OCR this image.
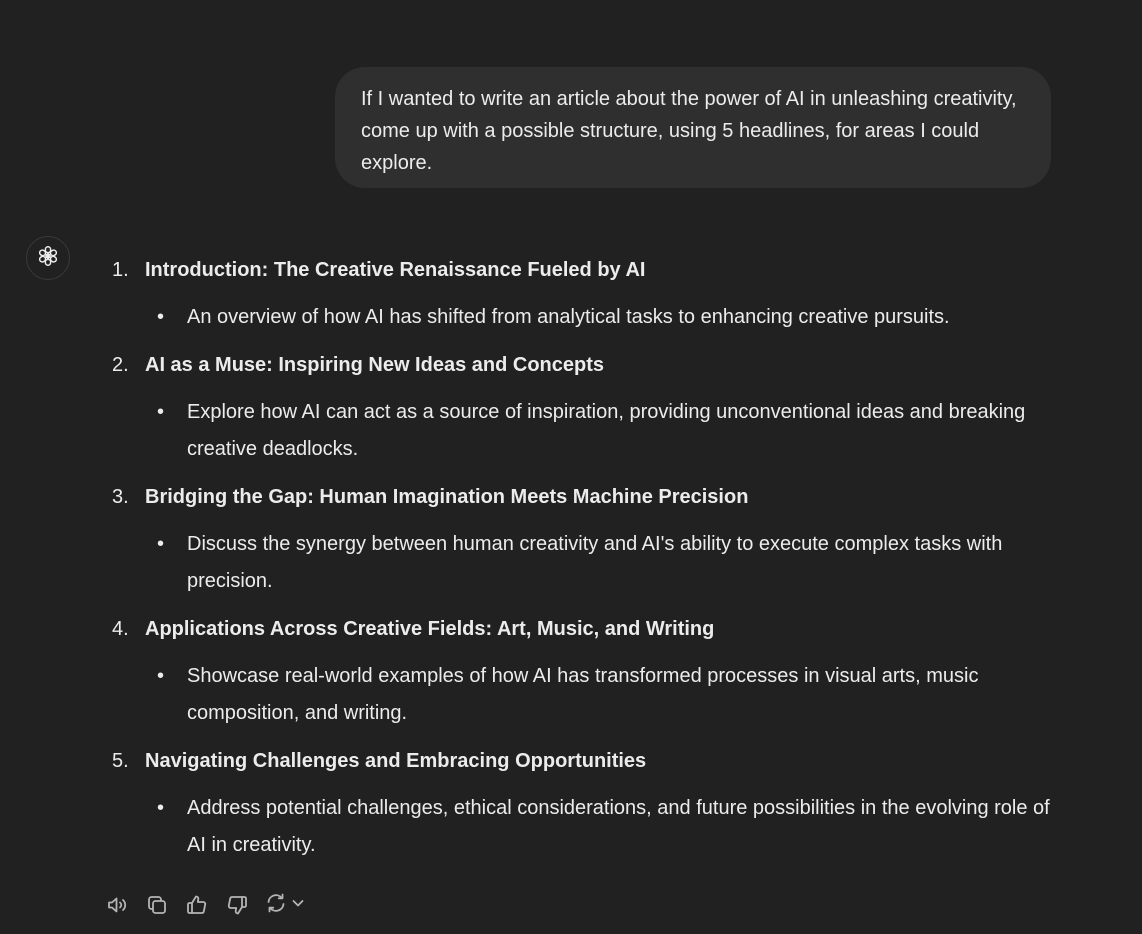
If I wanted to write an article about the power of AI in unleashing creativity, come up with a possible structure, using 5 headlines, for areas I could explore.
1. Introduction: The Creative Renaissance Fueled by AI
• An overview of how AI has shifted from analytical tasks to enhancing creative pursuits.
2. AI as a Muse: Inspiring New Ideas and Concepts
• Explore how AI can act as a source of inspiration, providing unconventional ideas and breaking creative deadlocks.
3. Bridging the Gap: Human Imagination Meets Machine Precision
• Discuss the synergy between human creativity and AI's ability to execute complex tasks with precision.
4. Applications Across Creative Fields: Art, Music, and Writing
• Showcase real-world examples of how AI has transformed processes in visual arts, music composition, and writing.
5. Navigating Challenges and Embracing Opportunities
• Address potential challenges, ethical considerations, and future possibilities in the evolving role of AI in creativity.
